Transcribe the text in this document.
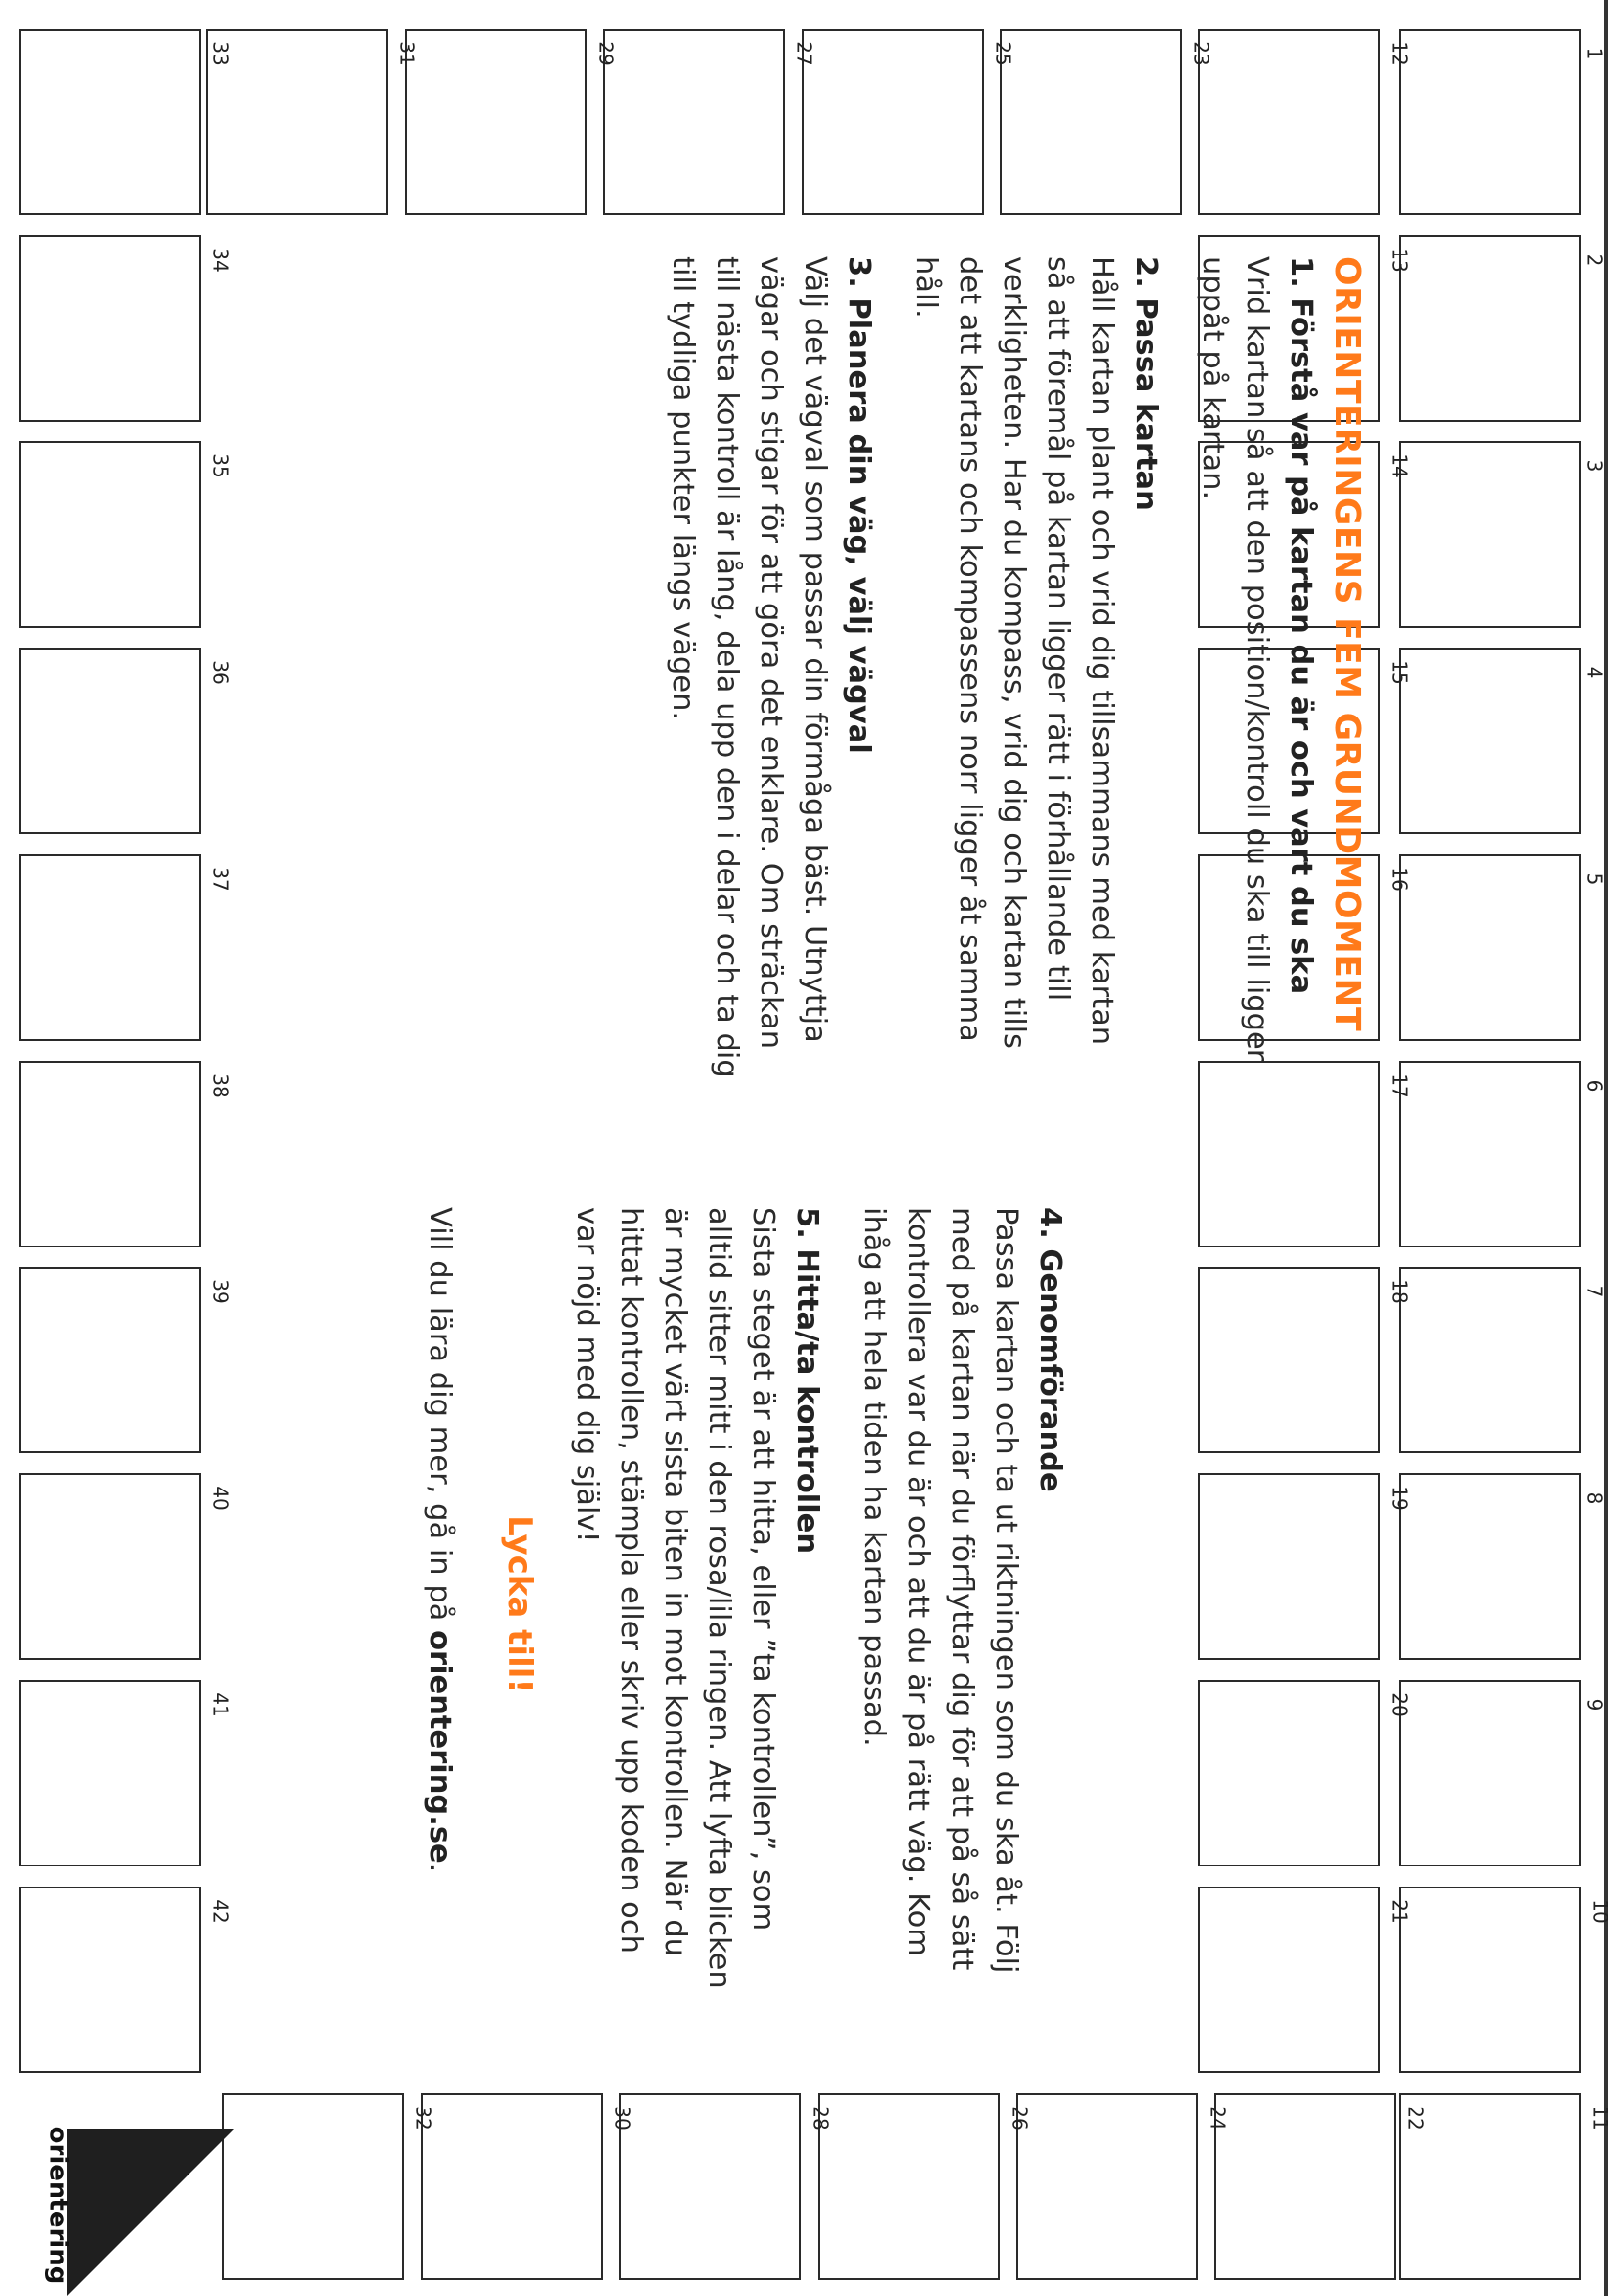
1
2
3
4
5
6
7
8
9
10
11
12
13
14
15
16
17
18
19
20
21
22
23
24
25
26
27
28
29
30
31
32
33
34
35
36
37
38
39
40
41
42
ORIENTERINGENS FEM GRUNDMOMENT
1. Förstå var på kartan du är och vart du ska

Vrid kartan så att den position/kontroll du ska till ligger uppåt på kartan.

2. Passa kartan

Håll kartan plant och vrid dig tillsammans med kartan så att föremål på kartan ligger rätt i förhållande till verkligheten. Har du kompass, vrid dig och kartan tills det att kartans och kompassens norr ligger åt samma håll.

3. Planera din väg, välj vägval

Välj det vägval som passar din förmåga bäst. Utnyttja vägar och stigar för att göra det enklare. Om sträckan till nästa kontroll är lång, dela upp den i delar och ta dig till tydliga punkter längs vägen.

4. Genomförande

Passa kartan och ta ut riktningen som du ska åt. Följ med på kartan när du förflyttar dig för att på så sätt kontrollera var du är och att du är på rätt väg. Kom ihåg att hela tiden ha kartan passad.

5. Hitta/ta kontrollen

Sista steget är att hitta, eller ”ta kontrollen”, som alltid sitter mitt i den rosa/lila ringen. Att lyfta blicken är mycket värt sista biten in mot kontrollen. När du hittat kontrollen, stämpla eller skriv upp koden och var nöjd med dig själv!

Lycka till!
Vill du lära dig mer, gå in på orientering.se.
orientering
